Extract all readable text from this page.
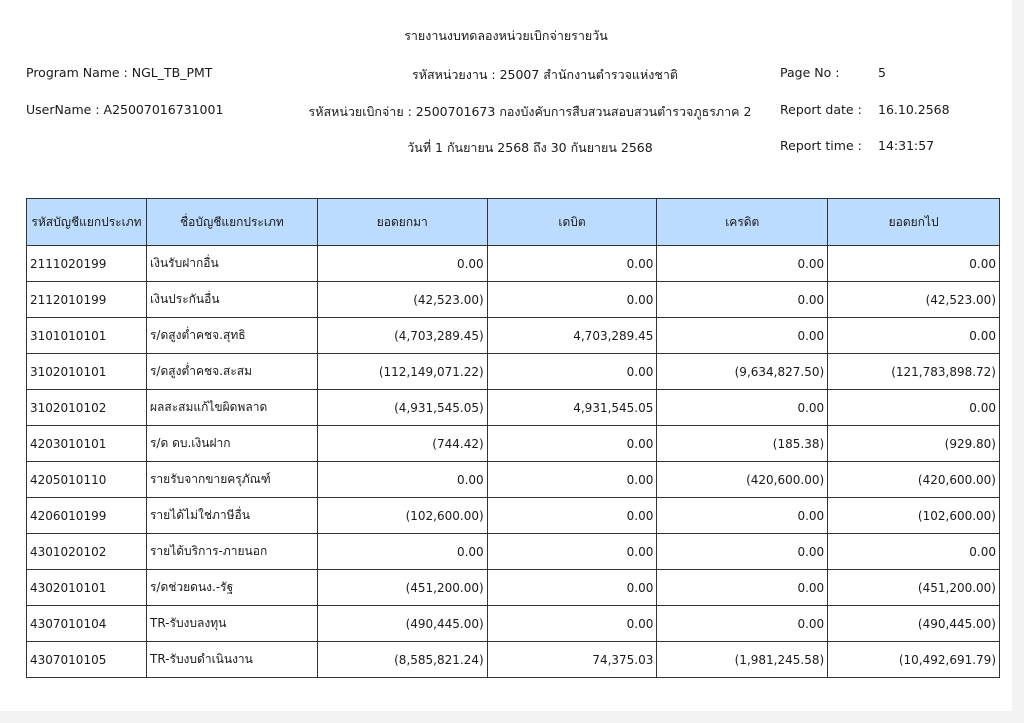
รายงานงบทดลองหน่วยเบิกจ่ายรายวัน
Program Name : NGL_TB_PMT
UserName : A25007016731001
รหัสหน่วยงาน : 25007 สำนักงานตำรวจแห่งชาติ
รหัสหน่วยเบิกจ่าย : 2500701673 กองบังคับการสืบสวนสอบสวนตำรวจภูธรภาค 2
วันที่ 1 กันยายน 2568 ถึง 30 กันยายน 2568
Page No :	5
Report date : 16.10.2568
Report time : 14:31:57
รหัสบัญชีแยกประเภท	ชื่อบัญชีแยกประเภท	ยอดยกมา	เดบิต	เครดิต	ยอดยกไป
2111020199	เงินรับฝากอื่น	0.00	0.00	0.00	0.00
2112010199	เงินประกันอื่น	(42,523.00)	0.00	0.00	(42,523.00)
3101010101	ร/ดสูงต่ำคชจ.สุทธิ	(4,703,289.45)	4,703,289.45	0.00	0.00
3102010101	ร/ดสูงต่ำคชจ.สะสม	(112,149,071.22)	0.00	(9,634,827.50)	(121,783,898.72)
3102010102	ผลสะสมแก้ไขผิดพลาด	(4,931,545.05)	4,931,545.05	0.00	0.00
4203010101	ร/ด ดบ.เงินฝาก	(744.42)	0.00	(185.38)	(929.80)
4205010110	รายรับจากขายครุภัณฑ์	0.00	0.00	(420,600.00)	(420,600.00)
4206010199	รายได้ไม่ใช่ภาษีอื่น	(102,600.00)	0.00	0.00	(102,600.00)
4301020102	รายได้บริการ-ภายนอก	0.00	0.00	0.00	0.00
4302010101	ร/ดช่วยดนง.-รัฐ	(451,200.00)	0.00	0.00	(451,200.00)
4307010104	TR-รับงบลงทุน	(490,445.00)	0.00	0.00	(490,445.00)
4307010105	TR-รับงบดำเนินงาน	(8,585,821.24)	74,375.03	(1,981,245.58)	(10,492,691.79)
